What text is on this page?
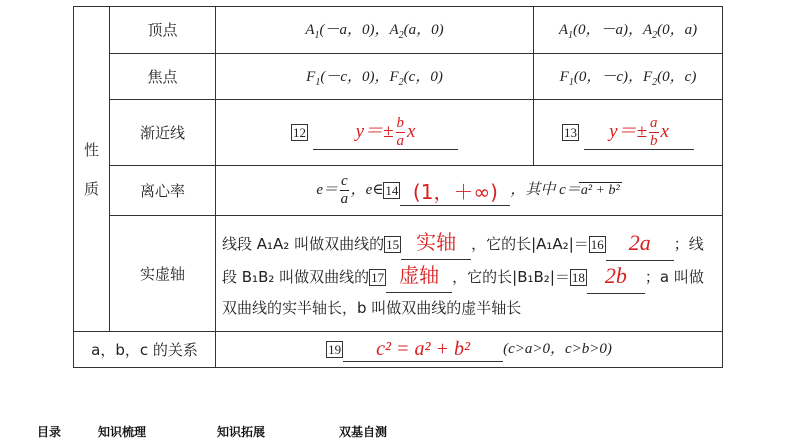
性

质	顶点	$A_1(-a$，0)，$A_2(a$，0)	$A_1(0$，－a)，$A_2(0$，a)
	焦点	$F_1(-c$，0)，$F_2(c$，0)	$F_1(0$，－c)，$F_2(0$，c)
	渐近线	12 $y=\pm \frac{b}{a}$ x	13 $y=\pm \frac{a}{b}$ x
	离心率	$e= \frac{c}{a}$ ，e∈ 14 (1，＋∞) ，其中 c＝a² + b²	
	实虚轴	线段 A₁A₂ 叫做双曲线的 15 实轴 ，它的长|A₁A₂|＝ 16 2a ；线段 B₁B₂ 叫做双曲线的 17 虚轴 ，它的长|B₁B₂|＝ 18 2b ；a 叫做双曲线的实半轴长，b 叫做双曲线的虚半轴长	
a，b，c 的关系		19 c² = a² + b² (c>a>0，c>b>0)	
目录	知识梳理	知识拓展	双基自测
